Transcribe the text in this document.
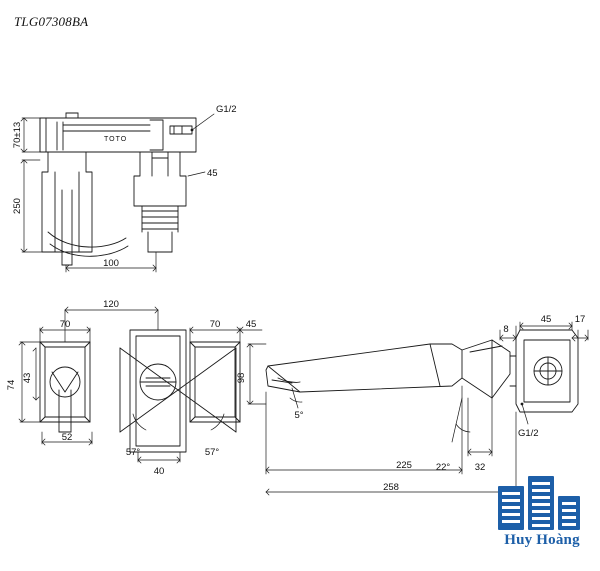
TLG07308BA
TOTO
70±13
250
100
45
G1/2
120
70	70	45
74
43
52
40
57°	57°
98
5°
22°
8
45 17
32
225
258
G1/2
Huy Hoàng
